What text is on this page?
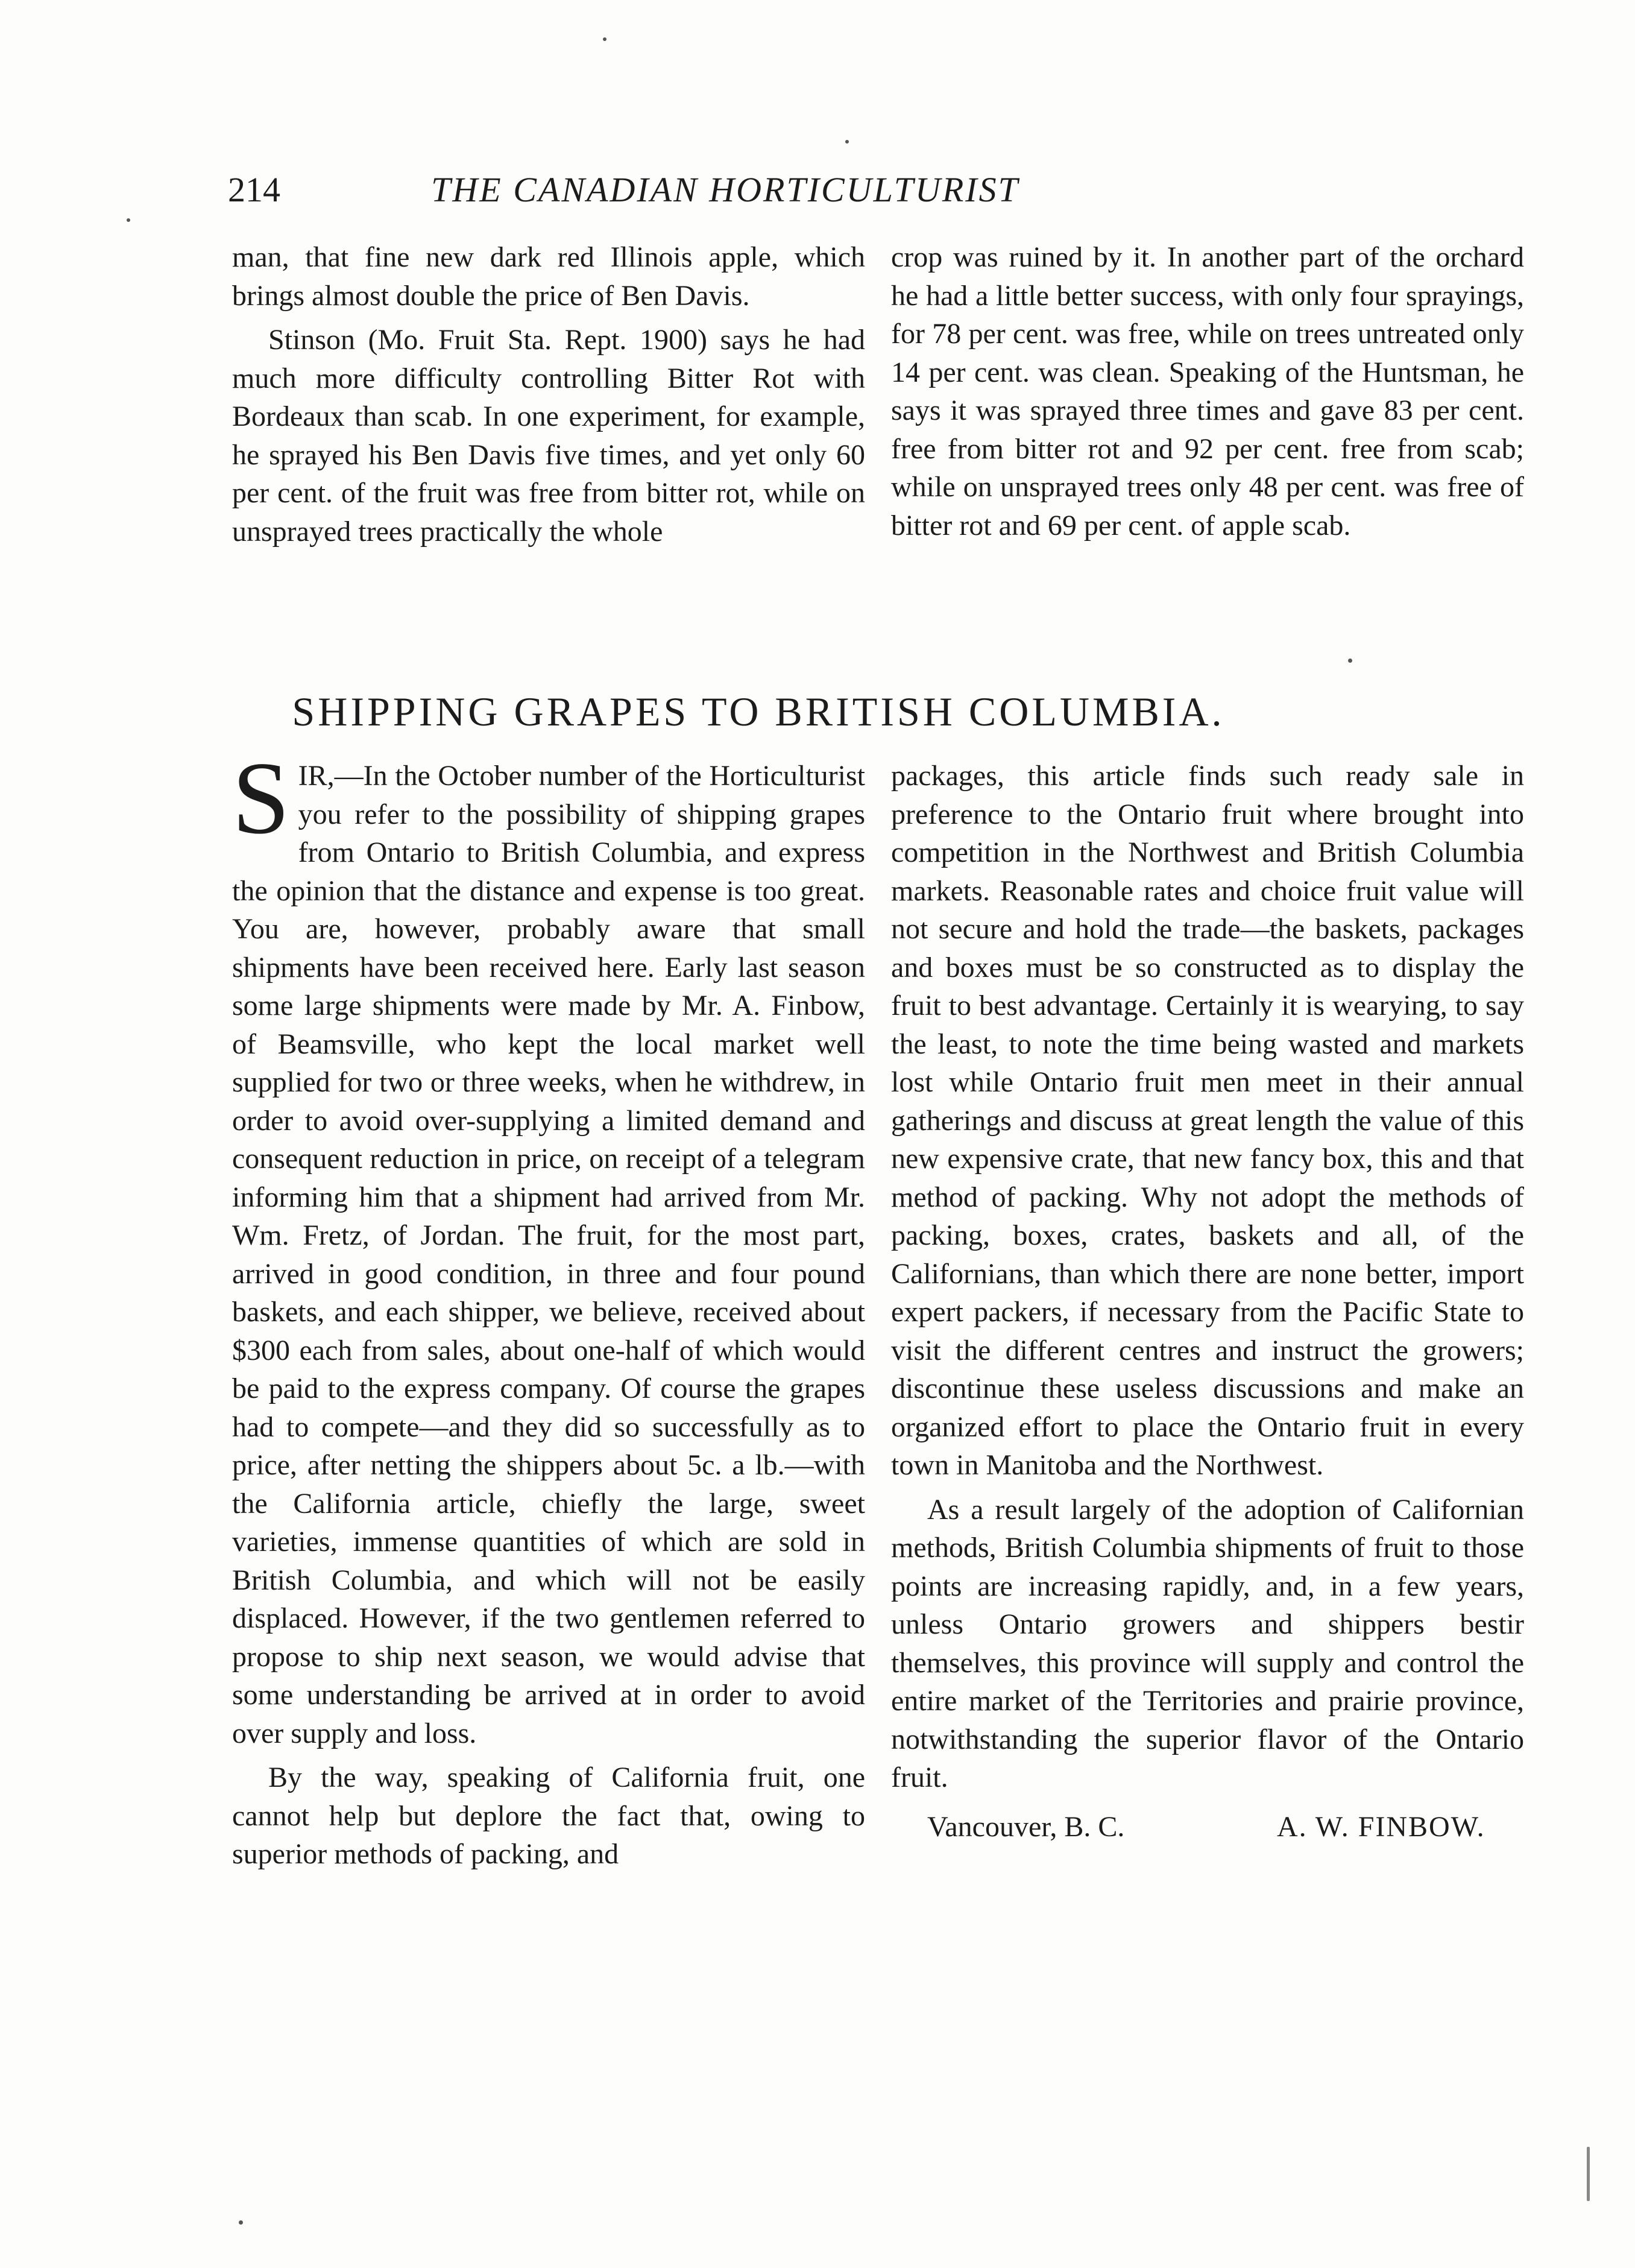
214	THE CANADIAN HORTICULTURIST

man, that fine new dark red Illinois apple, which brings almost double the price of Ben Davis.

Stinson (Mo. Fruit Sta. Rept. 1900) says he had much more difficulty controlling Bitter Rot with Bordeaux than scab. In one experiment, for example, he sprayed his Ben Davis five times, and yet only 60 per cent. of the fruit was free from bitter rot, while on unsprayed trees practically the whole

crop was ruined by it. In another part of the orchard he had a little better success, with only four sprayings, for 78 per cent. was free, while on trees untreated only 14 per cent. was clean. Speaking of the Huntsman, he says it was sprayed three times and gave 83 per cent. free from bitter rot and 92 per cent. free from scab; while on unsprayed trees only 48 per cent. was free of bitter rot and 69 per cent. of apple scab.

SHIPPING GRAPES TO BRITISH COLUMBIA.

SIR,—In the October number of the Horticulturist you refer to the possibility of shipping grapes from Ontario to British Columbia, and express the opinion that the distance and expense is too great. You are, however, probably aware that small shipments have been received here. Early last season some large shipments were made by Mr. A. Finbow, of Beamsville, who kept the local market well supplied for two or three weeks, when he withdrew, in order to avoid over-supplying a limited demand and consequent reduction in price, on receipt of a telegram informing him that a shipment had arrived from Mr. Wm. Fretz, of Jordan. The fruit, for the most part, arrived in good condition, in three and four pound baskets, and each shipper, we believe, received about $300 each from sales, about one-half of which would be paid to the express company. Of course the grapes had to compete—and they did so successfully as to price, after netting the shippers about 5c. a lb.—with the California article, chiefly the large, sweet varieties, immense quantities of which are sold in British Columbia, and which will not be easily displaced. However, if the two gentlemen referred to propose to ship next season, we would advise that some understanding be arrived at in order to avoid over supply and loss.

By the way, speaking of California fruit, one cannot help but deplore the fact that, owing to superior methods of packing, and

packages, this article finds such ready sale in preference to the Ontario fruit where brought into competition in the Northwest and British Columbia markets. Reasonable rates and choice fruit value will not secure and hold the trade—the baskets, packages and boxes must be so constructed as to display the fruit to best advantage. Certainly it is wearying, to say the least, to note the time being wasted and markets lost while Ontario fruit men meet in their annual gatherings and discuss at great length the value of this new expensive crate, that new fancy box, this and that method of packing. Why not adopt the methods of packing, boxes, crates, baskets and all, of the Californians, than which there are none better, import expert packers, if necessary from the Pacific State to visit the different centres and instruct the growers; discontinue these useless discussions and make an organized effort to place the Ontario fruit in every town in Manitoba and the Northwest.

As a result largely of the adoption of Californian methods, British Columbia shipments of fruit to those points are increasing rapidly, and, in a few years, unless Ontario growers and shippers bestir themselves, this province will supply and control the entire market of the Territories and prairie province, notwithstanding the superior flavor of the Ontario fruit.

Vancouver, B. C.	A. W. FINBOW.
